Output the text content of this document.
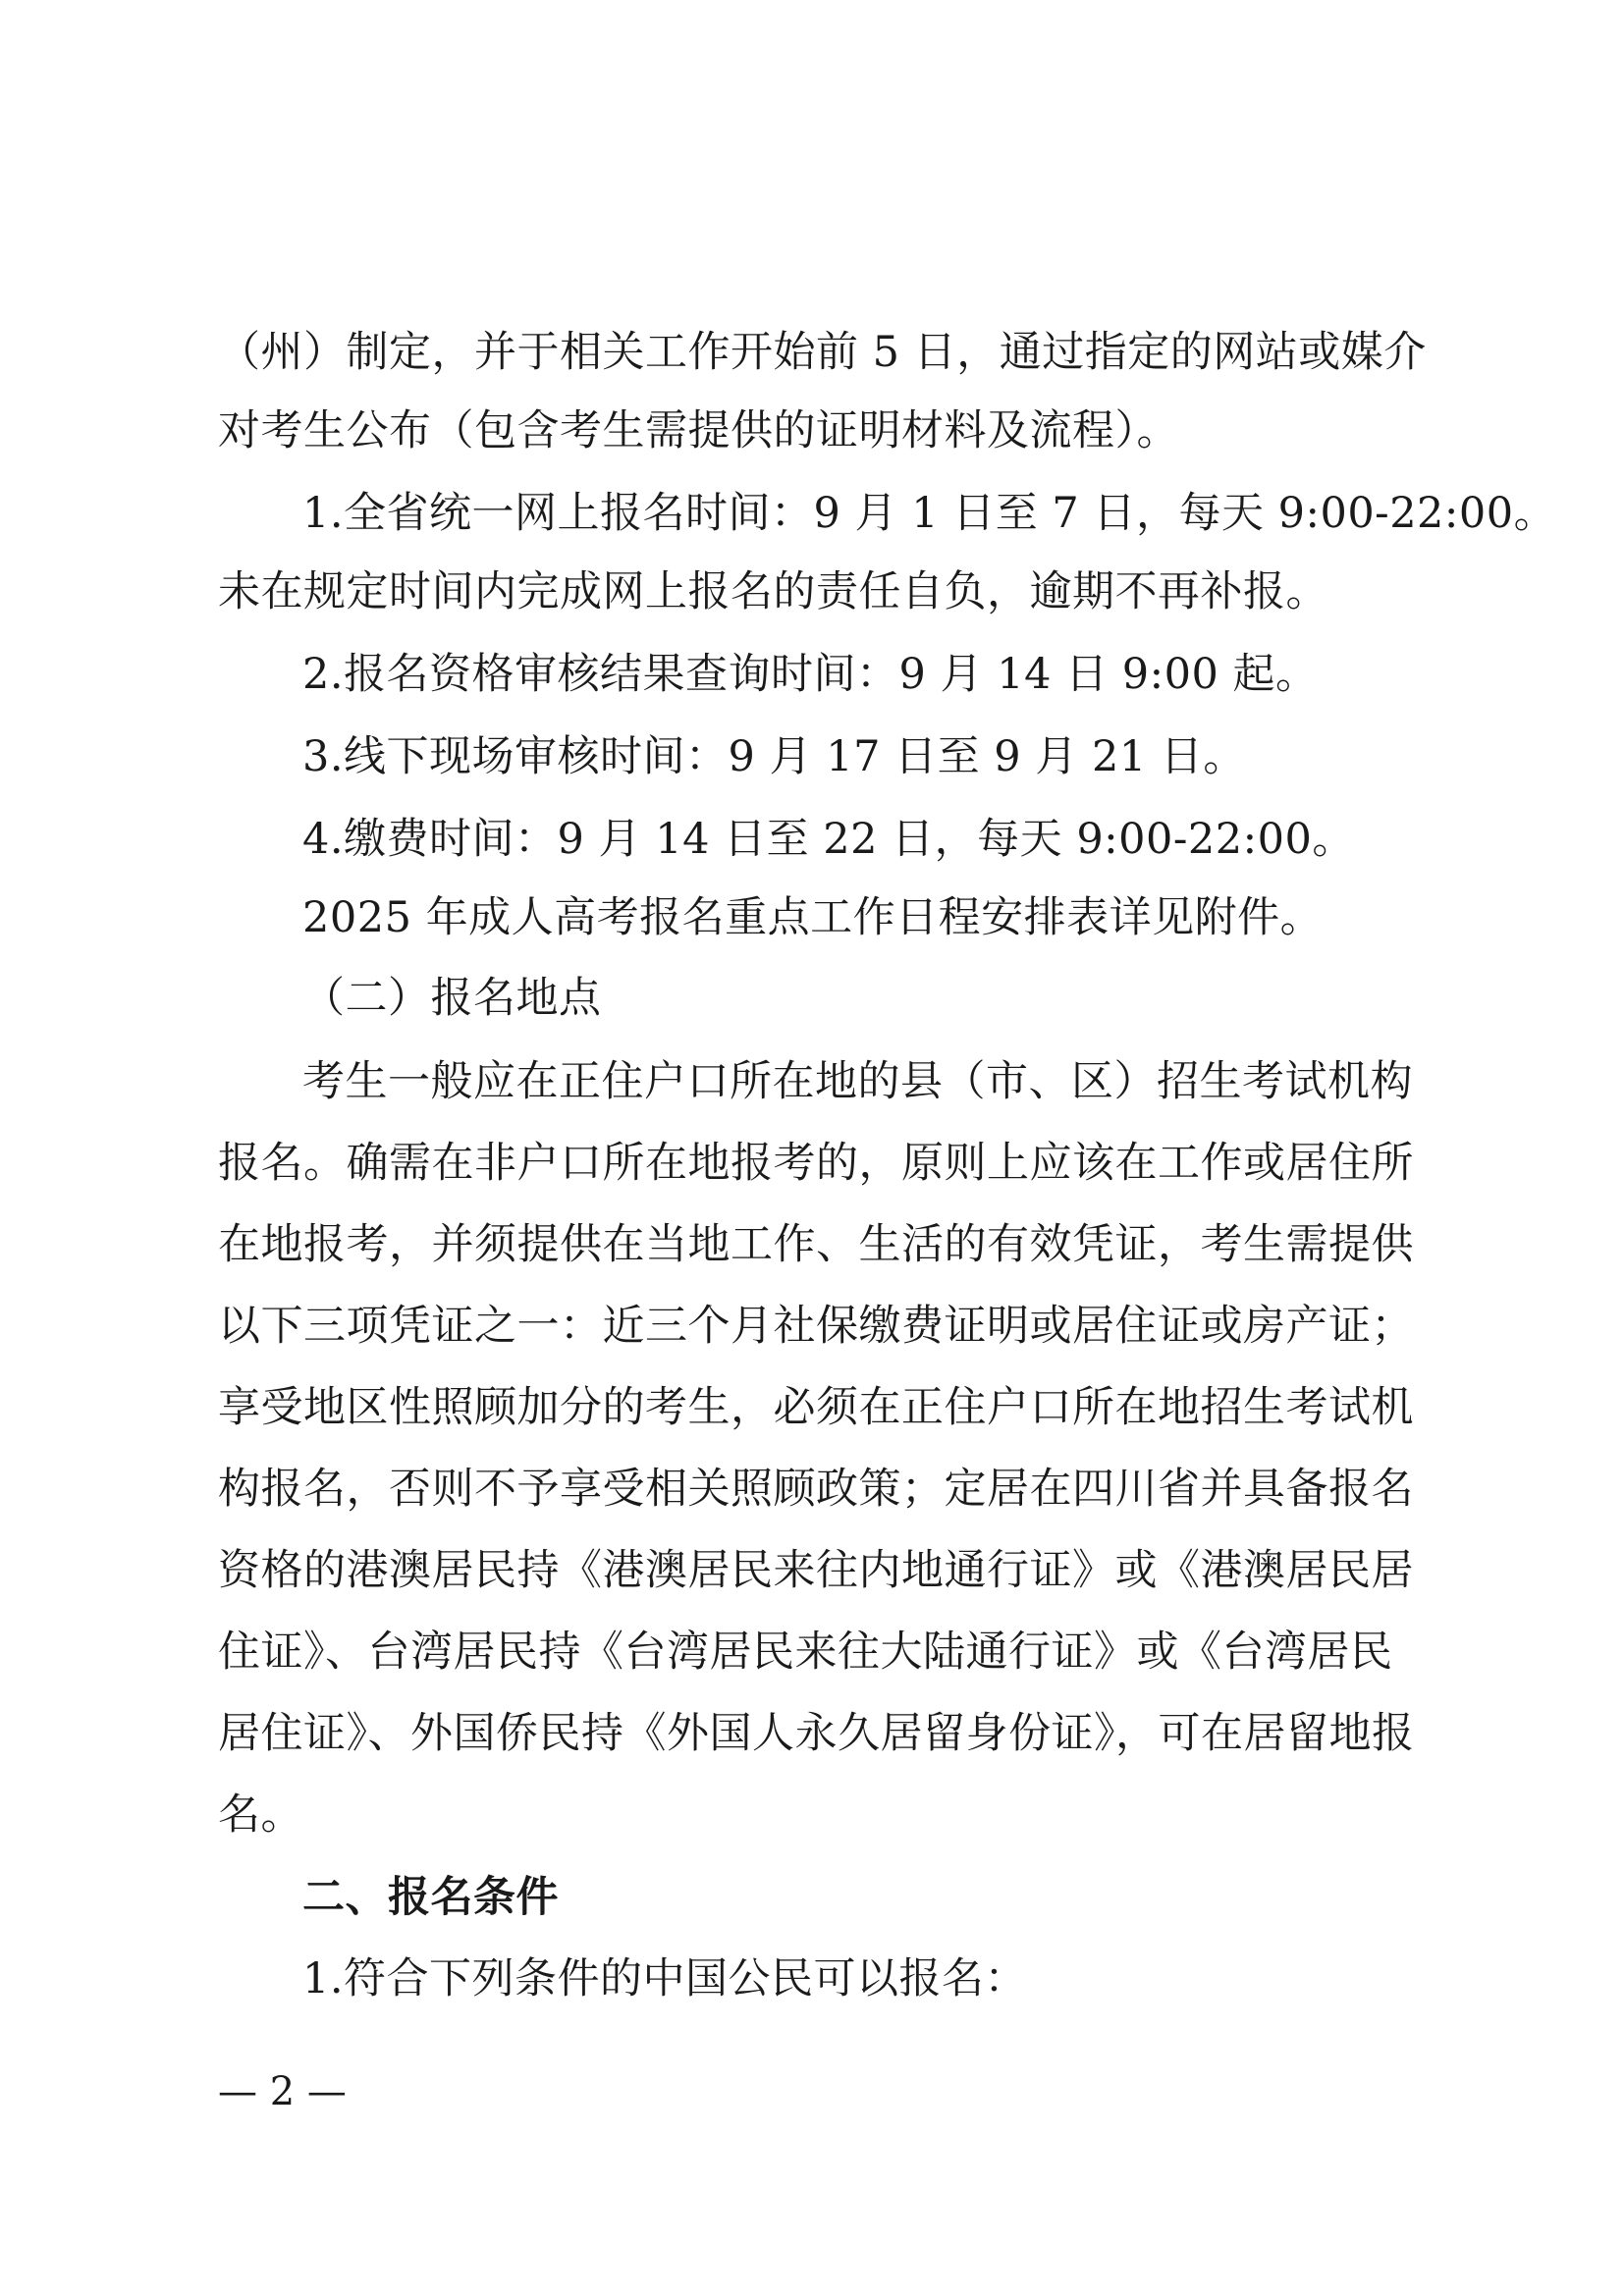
（州）制定，并于相关工作开始前 5 日，通过指定的网站或媒介
对考生公布（包含考生需提供的证明材料及流程）。
1.全省统一网上报名时间：9 月 1 日至 7 日，每天 9:00-22:00。
未在规定时间内完成网上报名的责任自负，逾期不再补报。
2.报名资格审核结果查询时间：9 月 14 日 9:00 起。
3.线下现场审核时间：9 月 17 日至 9 月 21 日。
4.缴费时间：9 月 14 日至 22 日，每天 9:00-22:00。
2025 年成人高考报名重点工作日程安排表详见附件。
（二）报名地点
考生一般应在正住户口所在地的县（市、区）招生考试机构
报名。确需在非户口所在地报考的，原则上应该在工作或居住所
在地报考，并须提供在当地工作、生活的有效凭证，考生需提供
以下三项凭证之一：近三个月社保缴费证明或居住证或房产证；
享受地区性照顾加分的考生，必须在正住户口所在地招生考试机
构报名，否则不予享受相关照顾政策；定居在四川省并具备报名
资格的港澳居民持《港澳居民来往内地通行证》或《港澳居民居
住证》、台湾居民持《台湾居民来往大陆通行证》或《台湾居民
居住证》、外国侨民持《外国人永久居留身份证》，可在居留地报
名。
二、报名条件
1.符合下列条件的中国公民可以报名：
— 2 —
